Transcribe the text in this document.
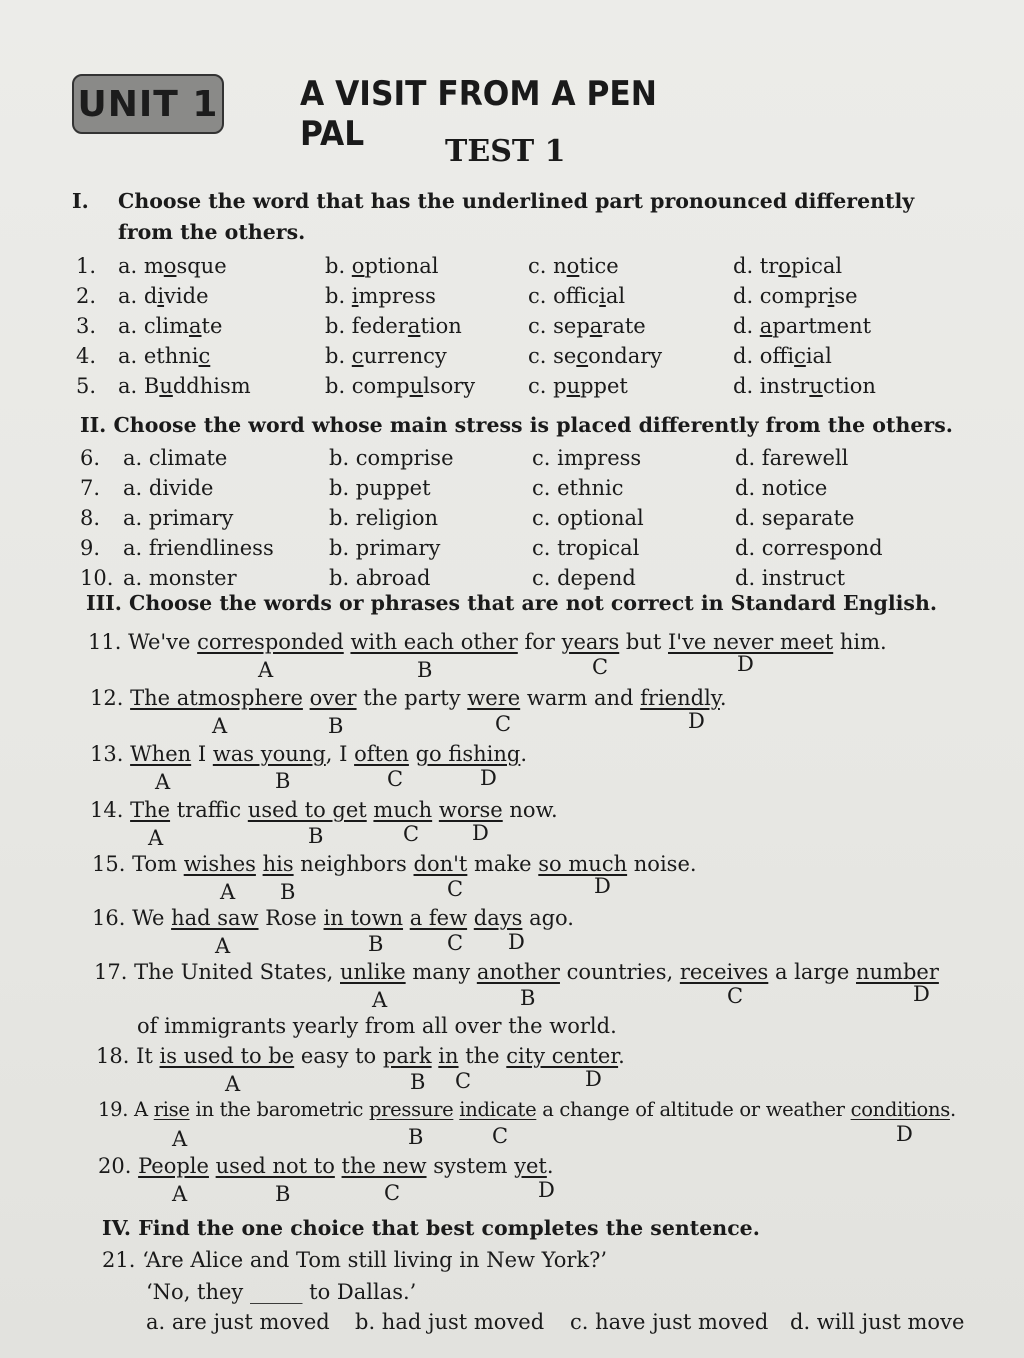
UNIT 1 A VISIT FROM A PEN PAL	TEST 1
I. Choose the word that has the underlined part pronounced differently
from the others.
1. a. mosque	b. optional	c. notice	d. tropical
2. a. divide	b. impress	c. official	d. comprise
3. a. climate	b. federation	c. separate	d. apartment
4. a. ethnic	b. currency	c. secondary	d. official
5. a. Buddhism	b. compulsory	c. puppet	d. instruction
II. Choose the word whose main stress is placed differently from the others.
6. a. climate	b. comprise	c. impress	d. farewell
7. a. divide	b. puppet	c. ethnic	d. notice
8. a. primary	b. religion	c. optional	d. separate
9. a. friendliness	b. primary	c. tropical	d. correspond
10. a. monster	b. abroad	c. depend	d. instruct
III. Choose the words or phrases that are not correct in Standard English.
11. We've corresponded with each other for years but I've never meet him.
A	B	C	D
12. The atmosphere over the party were warm and friendly.
A	B	C	D
13. When I was young, I often go fishing.
A	B	C	D
14. The traffic used to get much worse now.
A	B	C	D
15. Tom wishes his neighbors don't make so much noise.
A B	C	D
16. We had saw Rose in town a few days ago.
A	B	C D
17. The United States, unlike many another countries, receives a large number
A	B	C	D
of immigrants yearly from all over the world.
18. It is used to be easy to park in the city center.
A	B C	D
19. A rise in the barometric pressure indicate a change of altitude or weather conditions.
A	B	C	D
20. People used not to the new system yet.
A	B	C	D
IV. Find the one choice that best completes the sentence.
21. ‘Are Alice and Tom still living in New York?’
‘No, they _____ to Dallas.’
a. are just moved b. had just moved c. have just moved d. will just move
